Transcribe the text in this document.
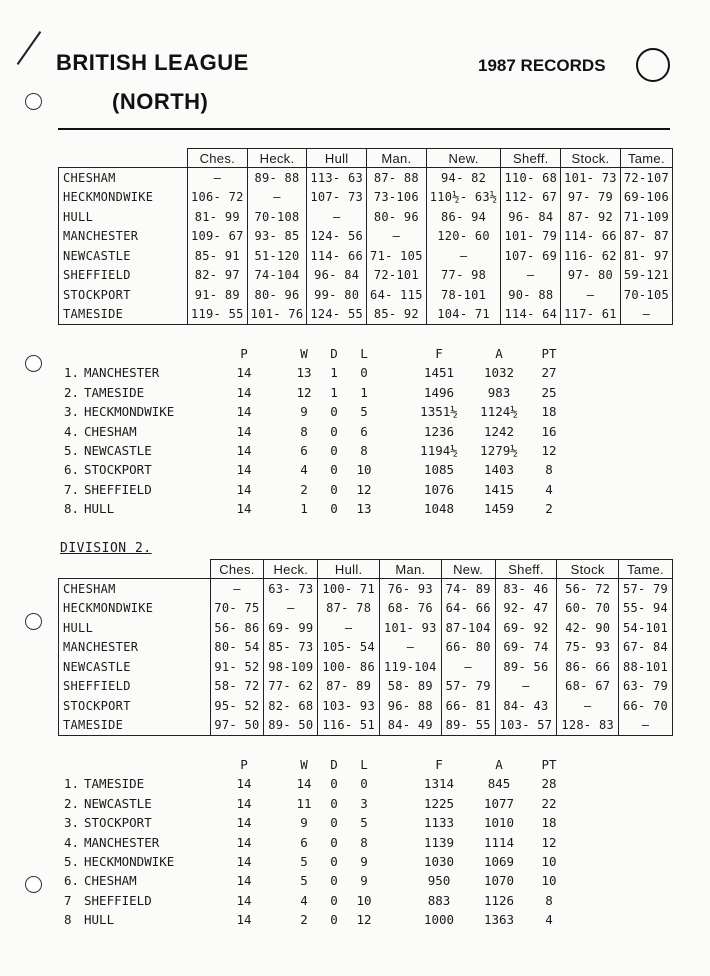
BRITISH LEAGUE
(NORTH)
1987 RECORDS
	Ches.	Heck.	Hull	Man.	New.	Sheff.	Stock.	Tame.
CHESHAM	—	89- 88	113- 63	87- 88	94- 82	110- 68	101- 73	72-107
HECKMONDWIKE	106- 72	—	107- 73	73-106	110½- 63½	112- 67	97- 79	69-106
HULL	81- 99	70-108	—	80- 96	86- 94	96- 84	87- 92	71-109
MANCHESTER	109- 67	93- 85	124- 56	—	120- 60	101- 79	114- 66	87- 87
NEWCASTLE	85- 91	51-120	114- 66	71- 105	—	107- 69	116- 62	81- 97
SHEFFIELD	82- 97	74-104	96- 84	72-101	77- 98	—	97- 80	59-121
STOCKPORT	91- 89	80- 96	99- 80	64- 115	78-101	90- 88	—	70-105
TAMESIDE	119- 55	101- 76	124- 55	85- 92	104- 71	114- 64	117- 61	—
P	W	D	L	F	A	PT
1. MANCHESTER	14	13	1	0	1451	1032	27
2. TAMESIDE	14	12	1	1	1496	983	25
3. HECKMONDWIKE	14	9	0	5	1351½	1124½	18
4. CHESHAM	14	8	0	6	1236	1242	16
5. NEWCASTLE	14	6	0	8	1194½	1279½	12
6. STOCKPORT	14	4	0	10	1085	1403	8
7. SHEFFIELD	14	2	0	12	1076	1415	4
8. HULL	14	1	0	13	1048	1459	2
DIVISION 2.
	Ches.	Heck.	Hull.	Man.	New.	Sheff.	Stock	Tame.
CHESHAM	—	63- 73	100- 71	76- 93	74- 89	83- 46	56- 72	57- 79
HECKMONDWIKE	70- 75	—	87- 78	68- 76	64- 66	92- 47	60- 70	55- 94
HULL	56- 86	69- 99	—	101- 93	87-104	69- 92	42- 90	54-101
MANCHESTER	80- 54	85- 73	105- 54	—	66- 80	69- 74	75- 93	67- 84
NEWCASTLE	91- 52	98-109	100- 86	119-104	—	89- 56	86- 66	88-101
SHEFFIELD	58- 72	77- 62	87- 89	58- 89	57- 79	—	68- 67	63- 79
STOCKPORT	95- 52	82- 68	103- 93	96- 88	66- 81	84- 43	—	66- 70
TAMESIDE	97- 50	89- 50	116- 51	84- 49	89- 55	103- 57	128- 83	—
P	W	D	L	F	A	PT
1. TAMESIDE	14	14	0	0	1314	845	28
2. NEWCASTLE	14	11	0	3	1225	1077	22
3. STOCKPORT	14	9	0	5	1133	1010	18
4. MANCHESTER	14	6	0	8	1139	1114	12
5. HECKMONDWIKE	14	5	0	9	1030	1069	10
6. CHESHAM	14	5	0	9	950	1070	10
7 SHEFFIELD	14	4	0	10	883	1126	8
8 HULL	14	2	0	12	1000	1363	4
